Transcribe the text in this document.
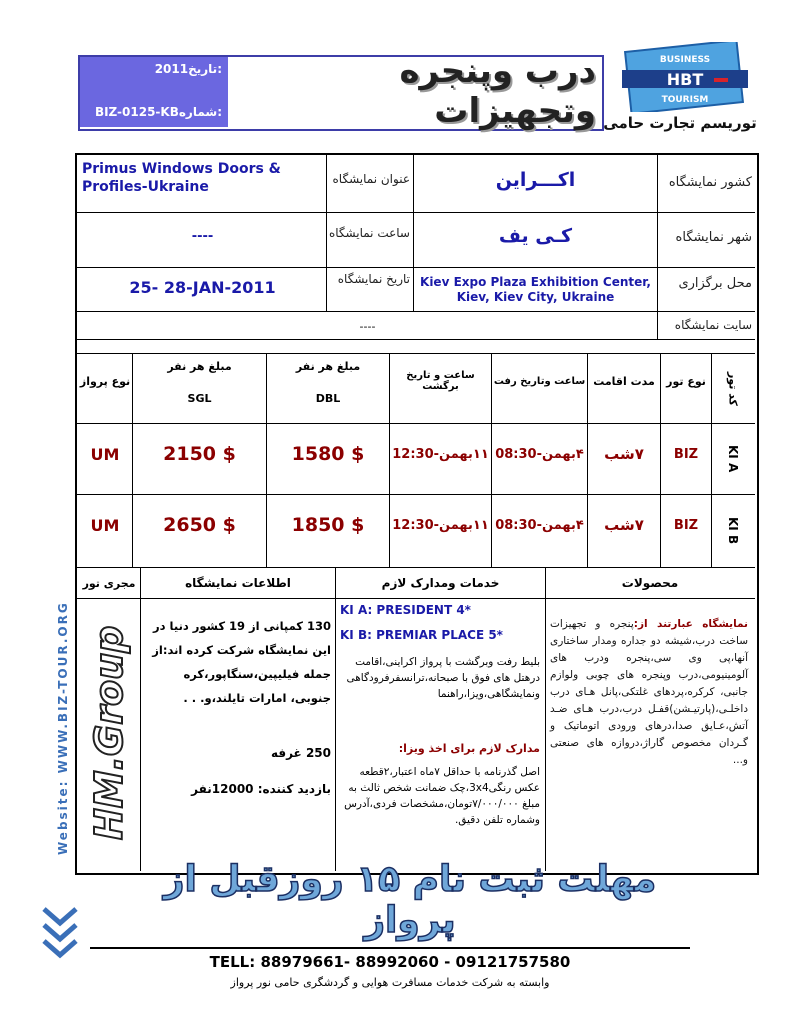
2011تاریخ:
BIZ-0125-KBشماره:
درب وپنجره وتجهیزات
BUSINESS
HBT
TOURISM
توریسم تجارت حامی
کشور نمایشگاه
اکـــراین
عنوان نمایشگاه
Primus Windows Doors & Profiles-Ukraine
شهر نمایشگاه
کـی یف
ساعت نمایشگاه
----
محل برگزاری
Kiev Expo Plaza Exhibition Center,
Kiev, Kiev City, Ukraine
تاریخ نمایشگاه
25- 28-JAN-2011
سایت نمایشگاه
----
کد تور
نوع تور
مدت اقامت
ساعت وتاریخ رفت
ساعت و تاریخ برگشت
مبلغ هر نفر
DBL
مبلغ هر نفر
SGL
نوع پرواز
KI A
BIZ
۷شب
۴بهمن-08:30
۱۱بهمن-12:30
1580 $
2150 $
UM
KI B
BIZ
۷شب
۴بهمن-08:30
۱۱بهمن-12:30
1850 $
2650 $
UM
محصولات
خدمات ومدارک لازم
اطلاعات نمایشگاه
مجری تور
نمایشگاه عبارتند از:پنجره و تجهیزات ساخت درب،شیشه دو جداره ومدار ساختاری آنها،پی وی سی،پنجره ودرب های آلومینیومی،درب وپنجره های چوبی ولوازم جانبی، کرکره،پردهای غلتکی،پانل هـای درب داخلـی،(پارتیـشن)قفـل درب،درب هـای ضـد آتش،عـایق صدا،درهای ورودی اتوماتیک و گـردان مخصوص گاراژ،دروازه های صنعتی و...
KI A: PRESIDENT 4*
KI B: PREMIAR PLACE 5*
بلیط رفت وبرگشت با پرواز اکراینی،اقامت درهتل های فوق با صبحانه،ترانسفرفرودگاهی ونمایشگاهی،ویزا،راهنما
مدارک لازم برای اخذ ویزا:
اصل گذرنامه با حداقل ۷ماه اعتبار،۲قطعه عکس رنگی3x4،چک ضمانت شخص ثالث به مبلغ ۷/۰۰۰/۰۰۰تومان،مشخصات فردی،آدرس وشماره تلفن دقیق.
130 کمپانی از 19 کشور دنیا در این نمایشگاه شرکت کرده اند:از جمله فیلیپین،سنگاپور،کره جنوبی، امارات تایلند،و. . .
250 غرفه
بازدید کننده: 12000نفر
HM.Group
Website: WWW.BIZ-TOUR.ORG
مهلت ثبت نام ۱۵ روزقبل از پرواز
TELL: 88979661- 88992060 - 09121757580
وابسته به شرکت خدمات مسافرت هوایی و گردشگری حامی نور پرواز
